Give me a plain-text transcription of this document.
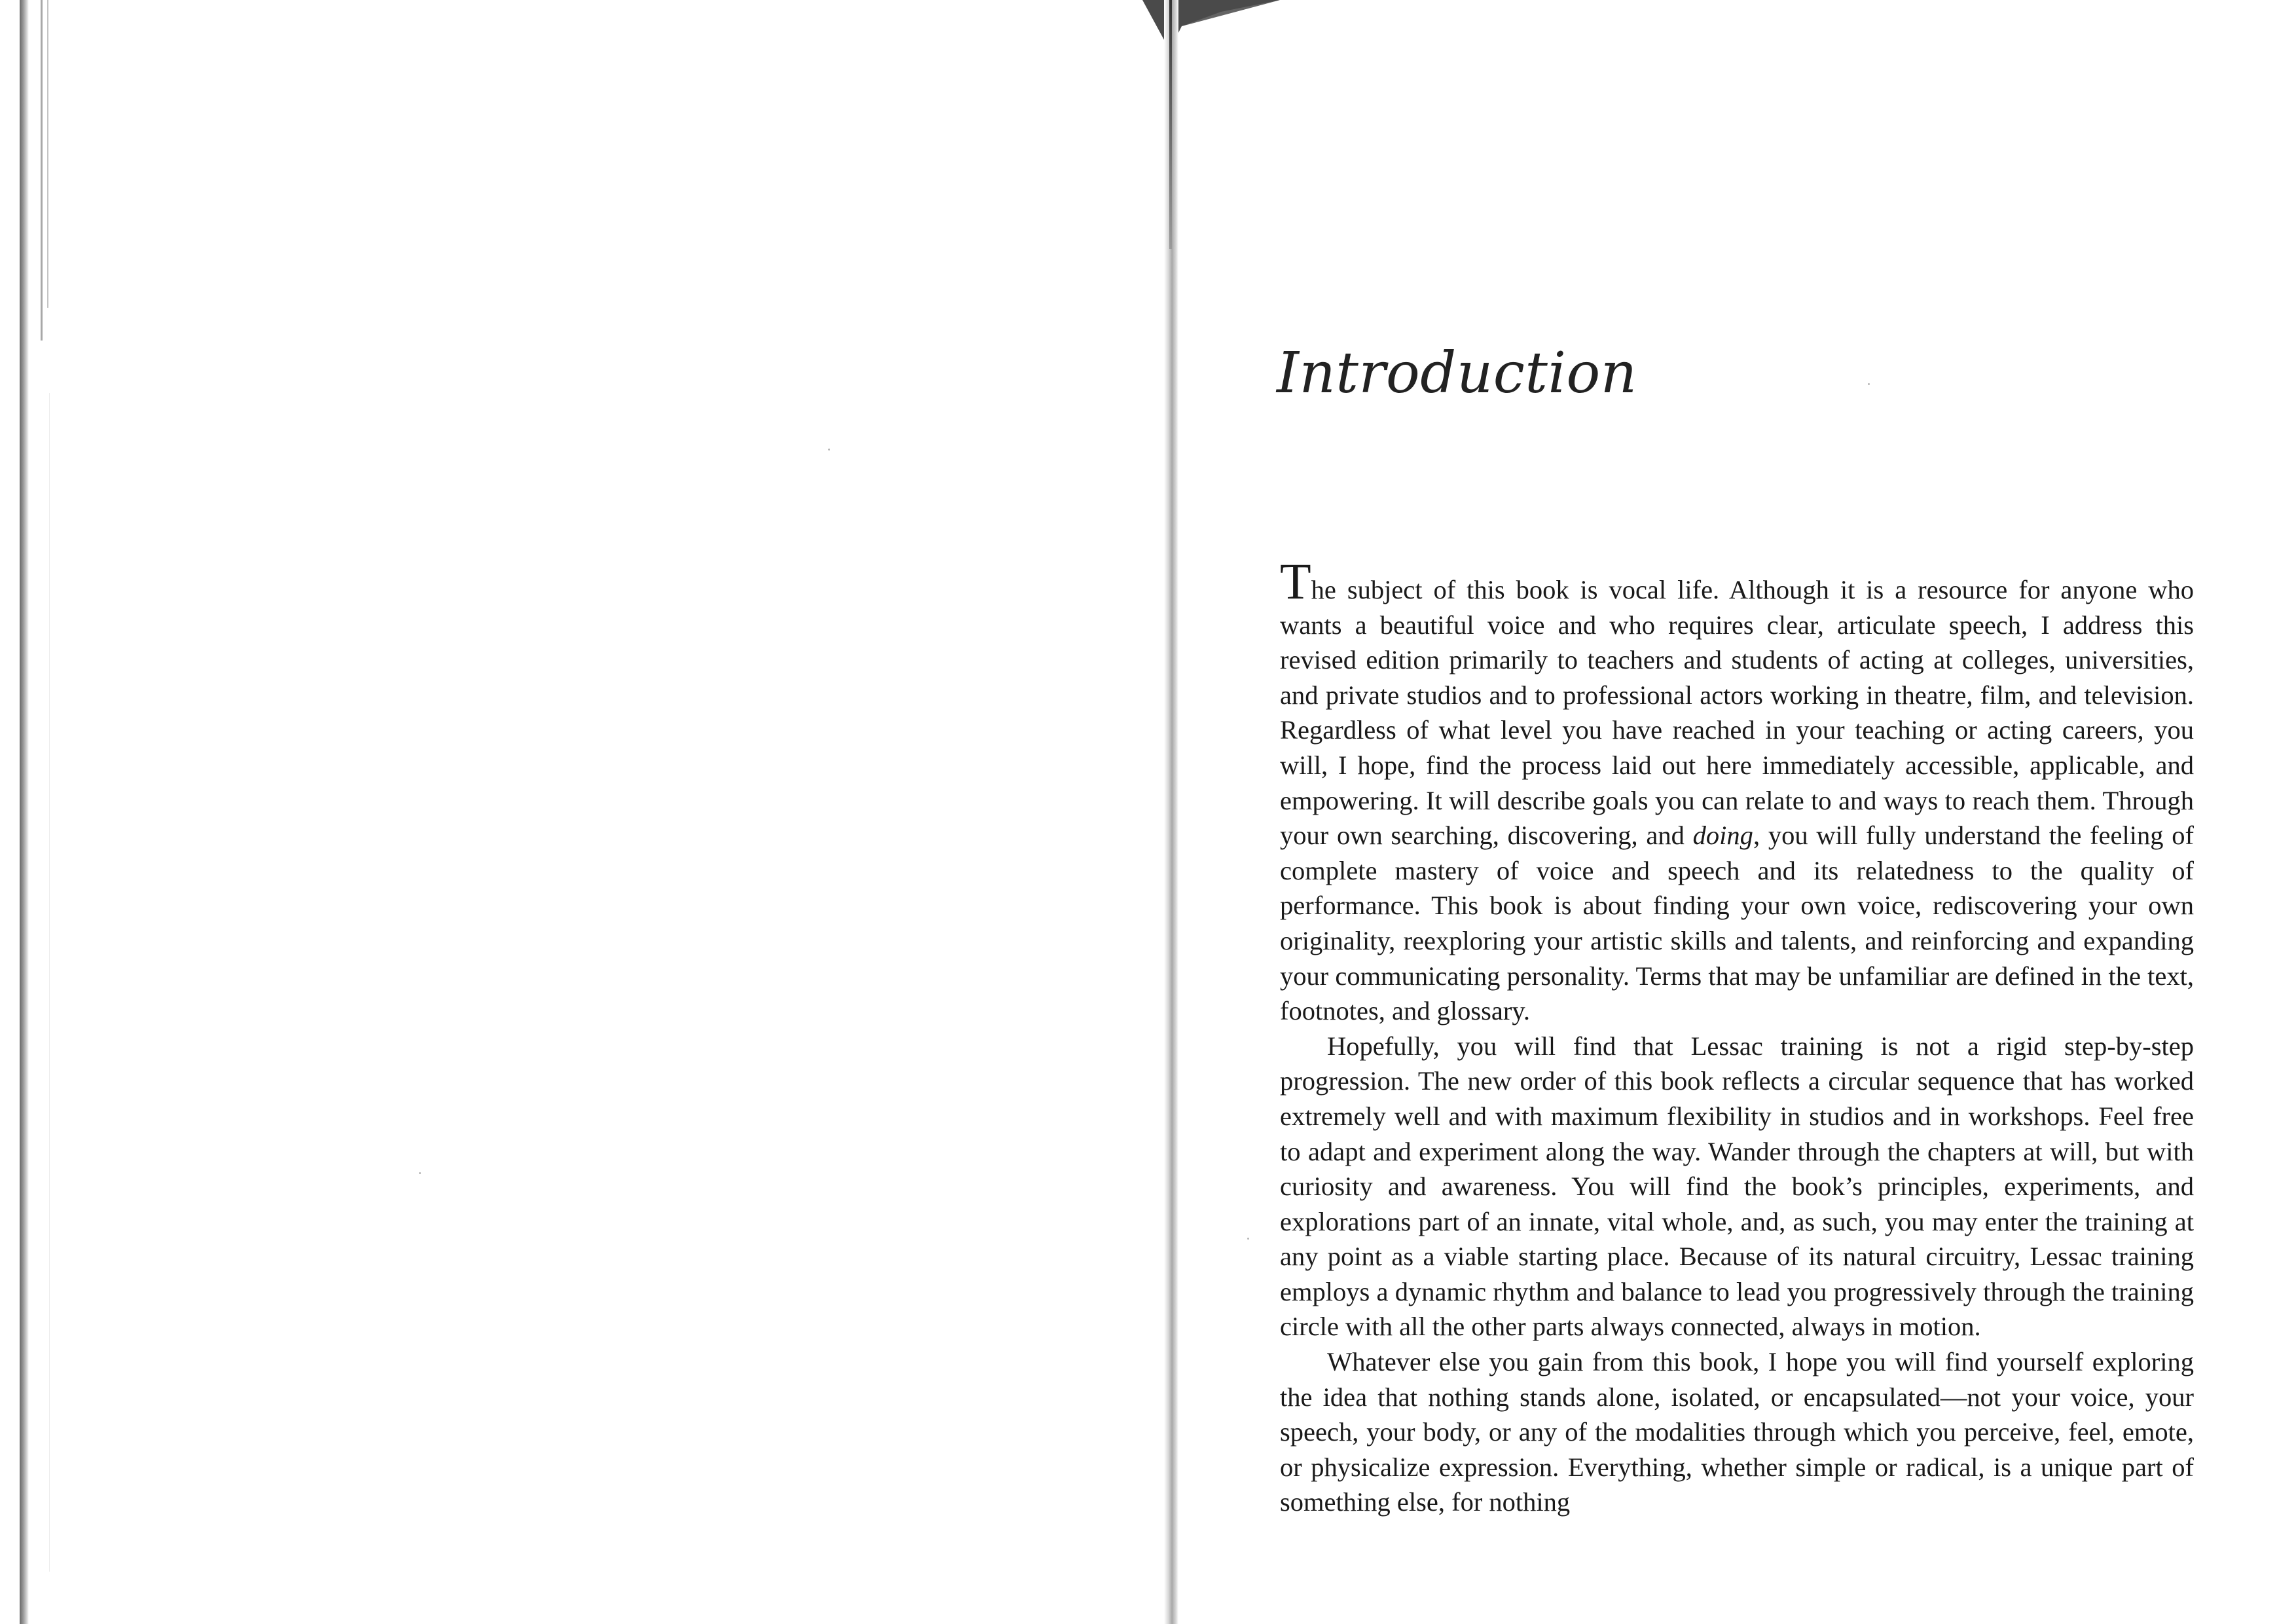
Introduction

The subject of this book is vocal life. Although it is a resource for anyone who wants a beautiful voice and who requires clear, articulate speech, I address this revised edition primarily to teachers and students of acting at colleges, universities, and private studios and to professional actors working in theatre, film, and television. Regardless of what level you have reached in your teaching or acting careers, you will, I hope, find the process laid out here immediately accessible, applicable, and empowering. It will describe goals you can relate to and ways to reach them. Through your own searching, discovering, and doing, you will fully understand the feeling of complete mastery of voice and speech and its relatedness to the quality of performance. This book is about finding your own voice, rediscovering your own originality, reexploring your artistic skills and talents, and reinforcing and expanding your communicating personality. Terms that may be unfamiliar are defined in the text, footnotes, and glossary.

Hopefully, you will find that Lessac training is not a rigid step-by-step progression. The new order of this book reflects a circular sequence that has worked extremely well and with maximum flexibility in studios and in workshops. Feel free to adapt and experiment along the way. Wander through the chapters at will, but with curiosity and awareness. You will find the book’s principles, experiments, and explorations part of an innate, vital whole, and, as such, you may enter the training at any point as a viable starting place. Because of its natural circuitry, Lessac training employs a dynamic rhythm and balance to lead you progressively through the training circle with all the other parts always connected, always in motion.

Whatever else you gain from this book, I hope you will find yourself exploring the idea that nothing stands alone, isolated, or encapsulated—not your voice, your speech, your body, or any of the modalities through which you perceive, feel, emote, or physicalize expression. Everything, whether simple or radical, is a unique part of something else, for nothing
